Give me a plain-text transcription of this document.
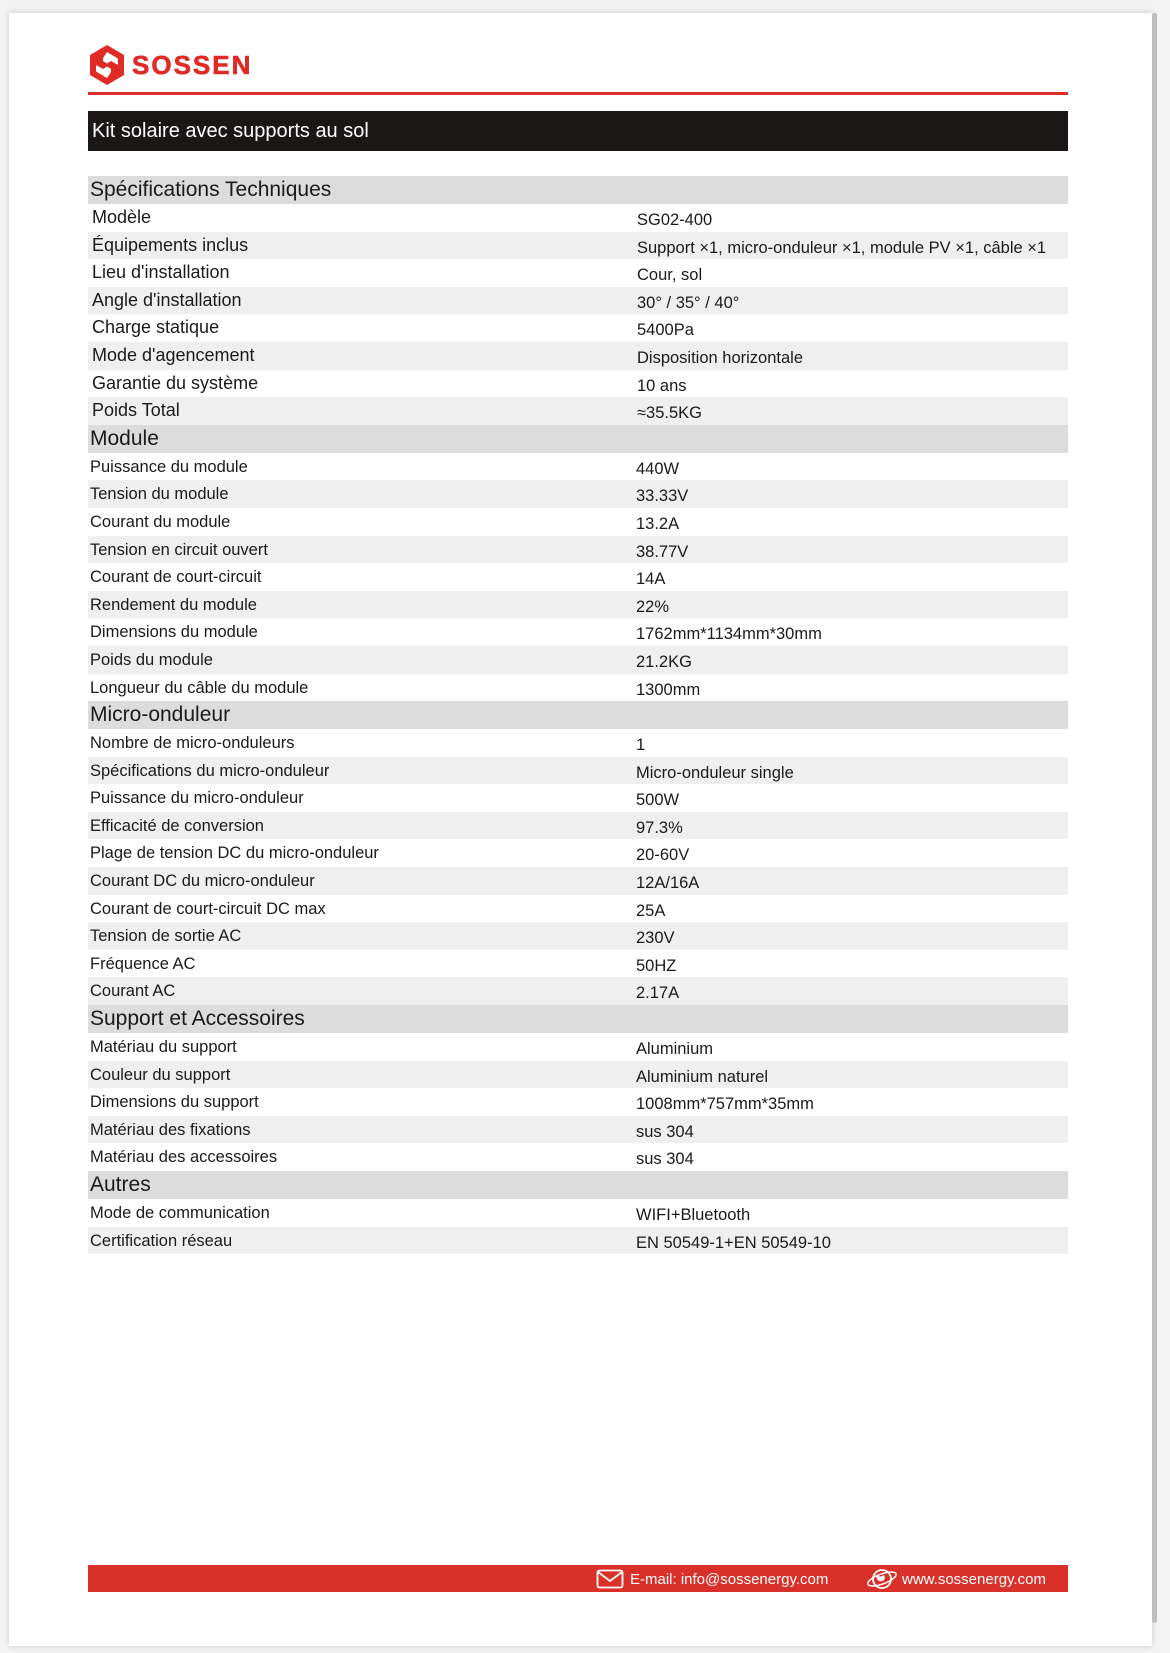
SOSSEN
Kit solaire avec supports au sol
Spécifications Techniques
Modèle	SG02-400
Équipements inclus	Support ×1, micro-onduleur ×1, module PV ×1, câble ×1
Lieu d'installation	Cour, sol
Angle d'installation	30° / 35° / 40°
Charge statique	5400Pa
Mode d'agencement	Disposition horizontale
Garantie du système	10 ans
Poids Total	≈35.5KG
Module
Puissance du module	440W
Tension du module	33.33V
Courant du module	13.2A
Tension en circuit ouvert	38.77V
Courant de court-circuit	14A
Rendement du module	22%
Dimensions du module	1762mm*1134mm*30mm
Poids du module	21.2KG
Longueur du câble du module	1300mm
Micro-onduleur
Nombre de micro-onduleurs	1
Spécifications du micro-onduleur	Micro-onduleur single
Puissance du micro-onduleur	500W
Efficacité de conversion	97.3%
Plage de tension DC du micro-onduleur	20-60V
Courant DC du micro-onduleur	12A/16A
Courant de court-circuit DC max	25A
Tension de sortie AC	230V
Fréquence AC	50HZ
Courant AC	2.17A
Support et Accessoires
Matériau du support	Aluminium
Couleur du support	Aluminium naturel
Dimensions du support	1008mm*757mm*35mm
Matériau des fixations	sus 304
Matériau des accessoires	sus 304
Autres
Mode de communication	WIFI+Bluetooth
Certification réseau	EN 50549-1+EN 50549-10
E-mail: info@sossenergy.com	www.sossenergy.com
